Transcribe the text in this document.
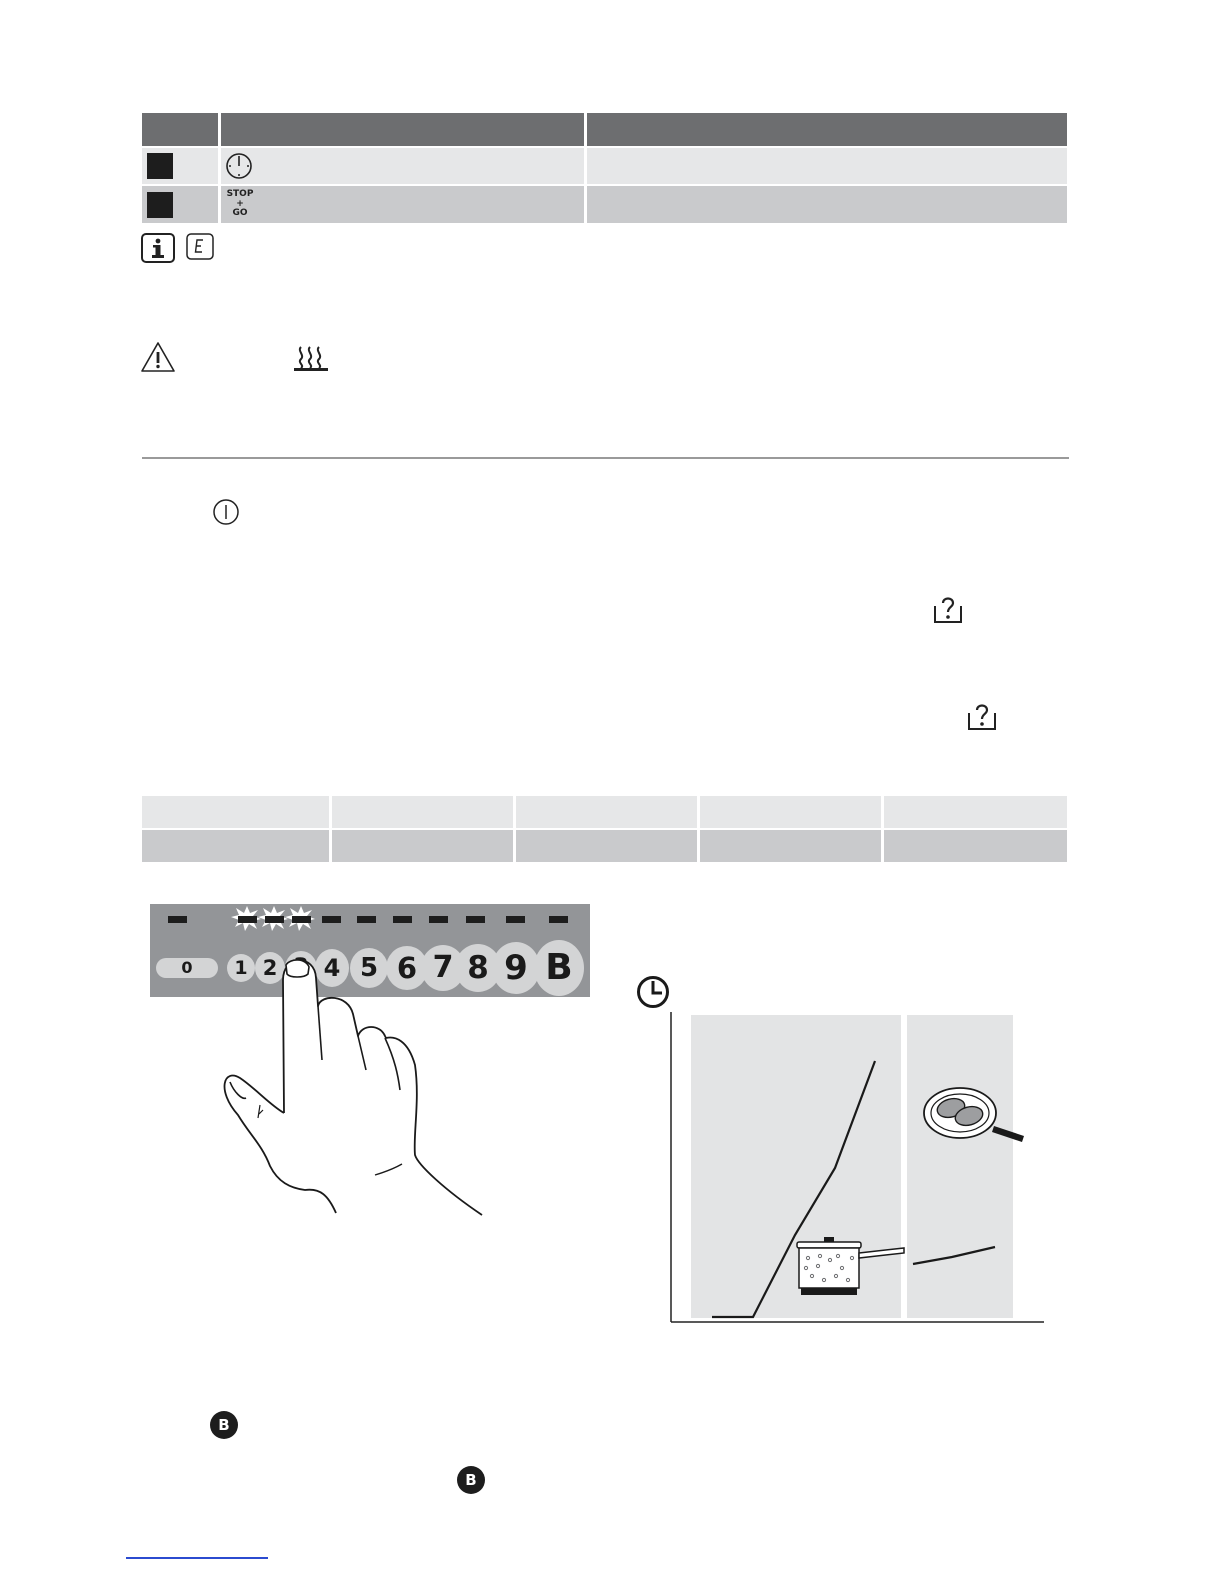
STOP
+
GO
0	1 2	4 5 6 7 8 9 B
B
B
